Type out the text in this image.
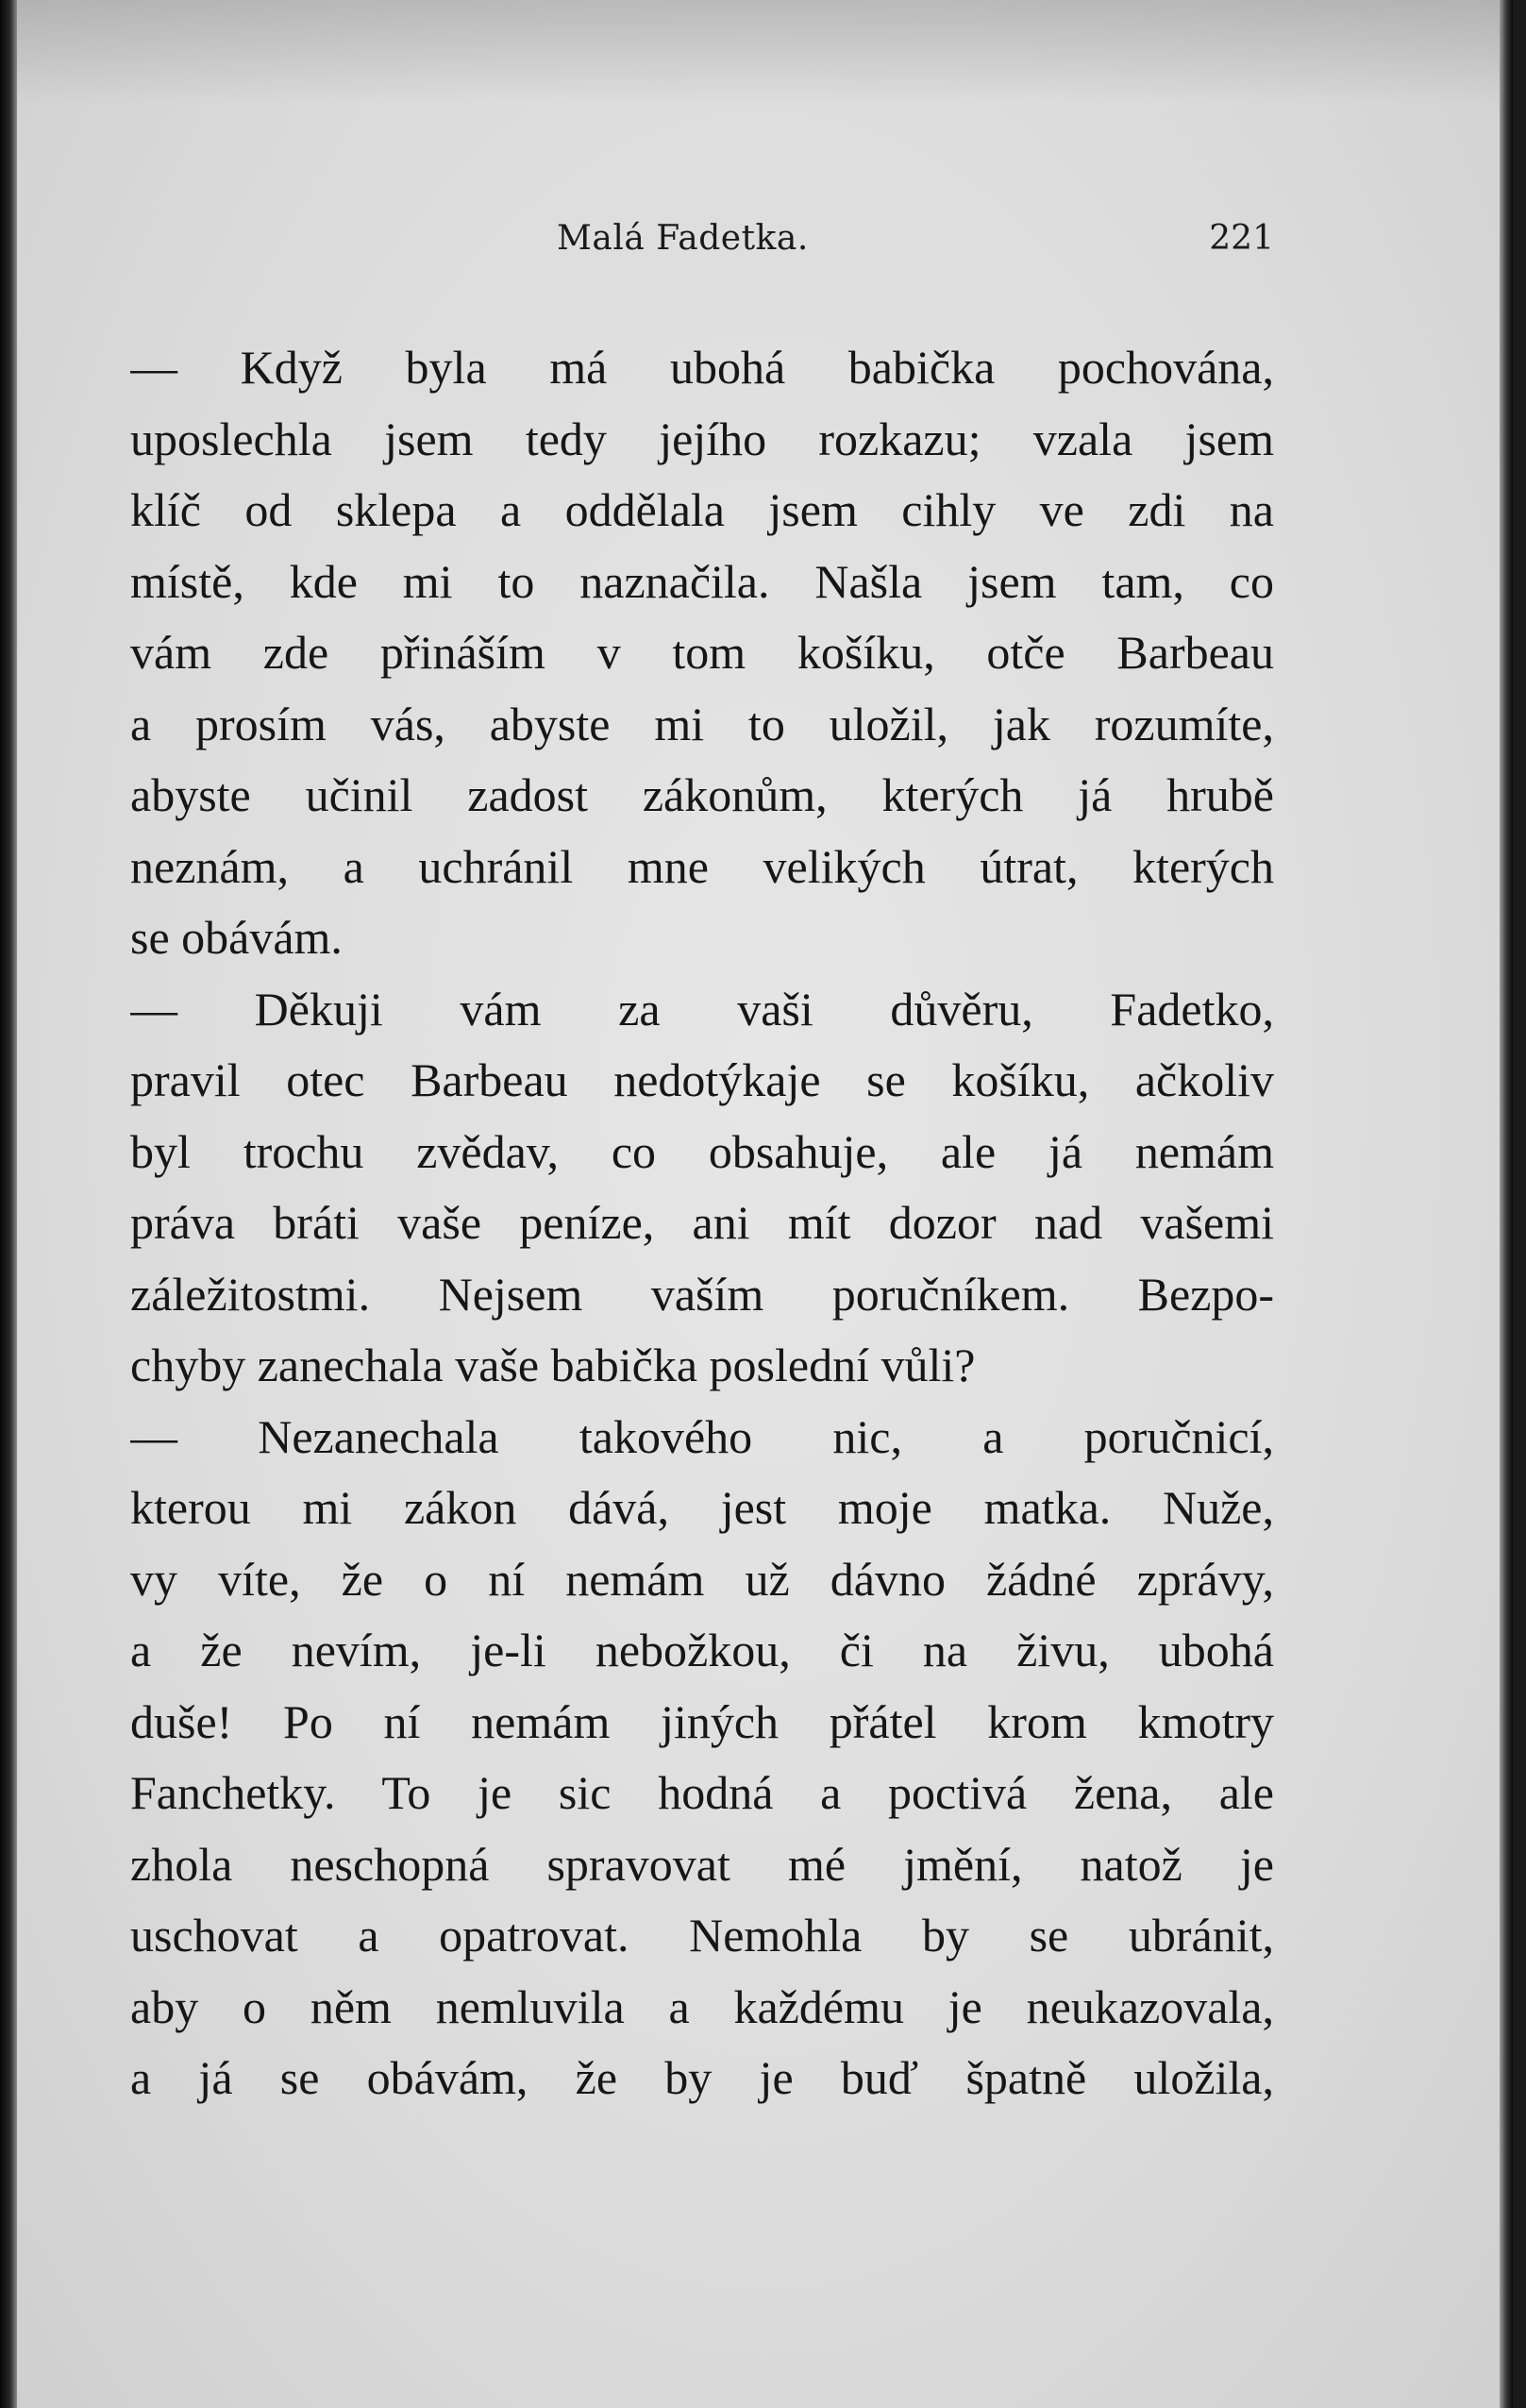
Malá Fadetka.	221
— Když byla má ubohá babička pochována,
uposlechla jsem tedy jejího rozkazu; vzala jsem
klíč od sklepa a oddělala jsem cihly ve zdi na
místě, kde mi to naznačila. Našla jsem tam, co
vám zde přináším v tom košíku, otče Barbeau
a prosím vás, abyste mi to uložil, jak rozumíte,
abyste učinil zadost zákonům, kterých já hrubě
neznám, a uchránil mne velikých útrat, kterých
se obávám.
— Děkuji vám za vaši důvěru, Fadetko,
pravil otec Barbeau nedotýkaje se košíku, ačkoliv
byl trochu zvědav, co obsahuje, ale já nemám
práva bráti vaše peníze, ani mít dozor nad vašemi
záležitostmi. Nejsem vaším poručníkem. Bezpo-
chyby zanechala vaše babička poslední vůli?
— Nezanechala takového nic, a poručnicí,
kterou mi zákon dává, jest moje matka. Nuže,
vy víte, že o ní nemám už dávno žádné zprávy,
a že nevím, je-li nebožkou, či na živu, ubohá
duše! Po ní nemám jiných přátel krom kmotry
Fanchetky. To je sic hodná a poctivá žena, ale
zhola neschopná spravovat mé jmění, natož je
uschovat a opatrovat. Nemohla by se ubránit,
aby o něm nemluvila a každému je neukazovala,
a já se obávám, že by je buď špatně uložila,
